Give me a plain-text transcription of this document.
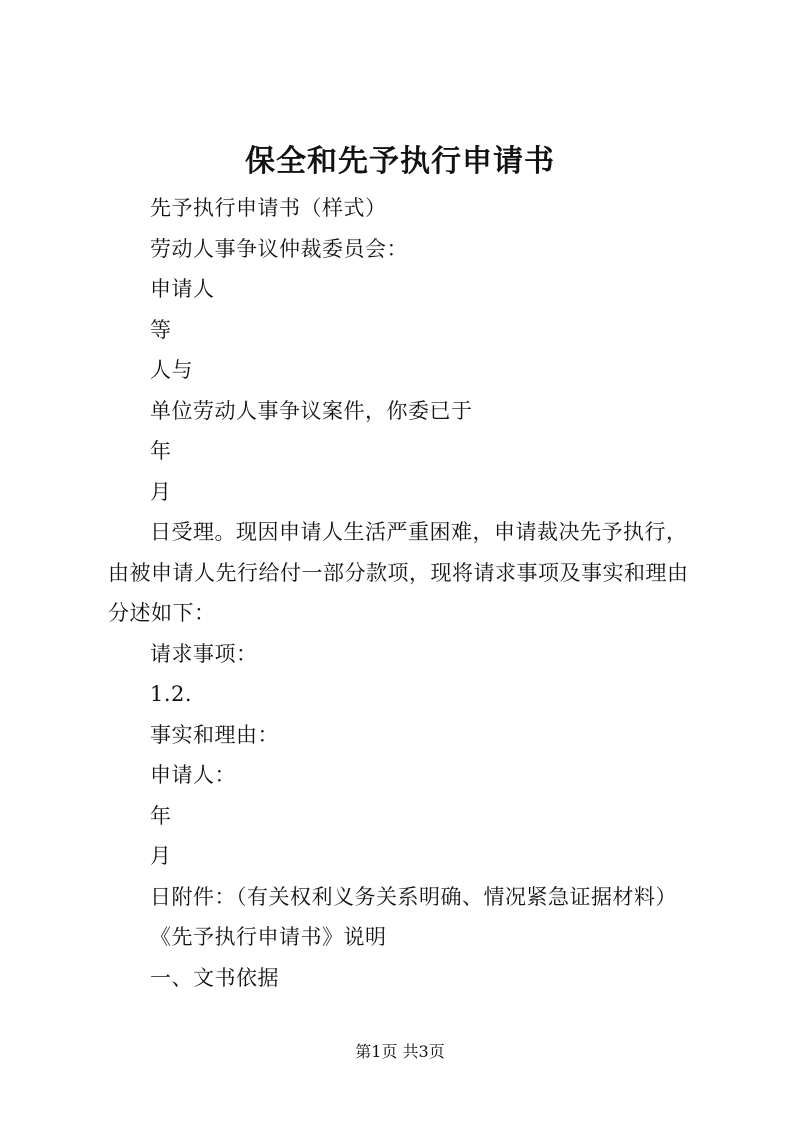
保全和先予执行申请书

先予执行申请书（样式）

劳动人事争议仲裁委员会：

申请人

等

人与

单位劳动人事争议案件，你委已于

年

月

日受理。现因申请人生活严重困难，申请裁决先予执行，由被申请人先行给付一部分款项，现将请求事项及事实和理由分述如下：

请求事项：

1.2.

事实和理由：

申请人：

年

月

日附件：（有关权利义务关系明确、情况紧急证据材料）

《先予执行申请书》说明

一、文书依据

第1页 共3页
